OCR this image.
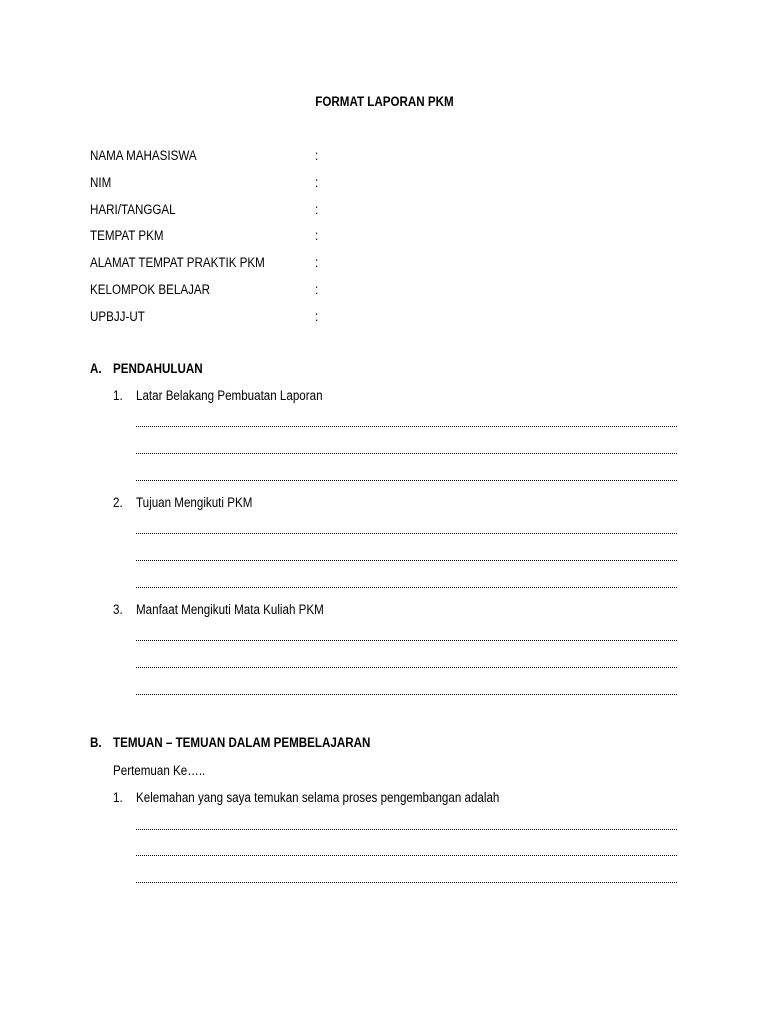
FORMAT LAPORAN PKM
NAMA MAHASISWA	:
NIM	:
HARI/TANGGAL	:
TEMPAT PKM	:
ALAMAT TEMPAT PRAKTIK PKM	:
KELOMPOK BELAJAR	:
UPBJJ-UT	:
A. PENDAHULUAN
1. Latar Belakang Pembuatan Laporan
2. Tujuan Mengikuti PKM
3. Manfaat Mengikuti Mata Kuliah PKM
B. TEMUAN – TEMUAN DALAM PEMBELAJARAN
Pertemuan Ke…..
1. Kelemahan yang saya temukan selama proses pengembangan adalah
